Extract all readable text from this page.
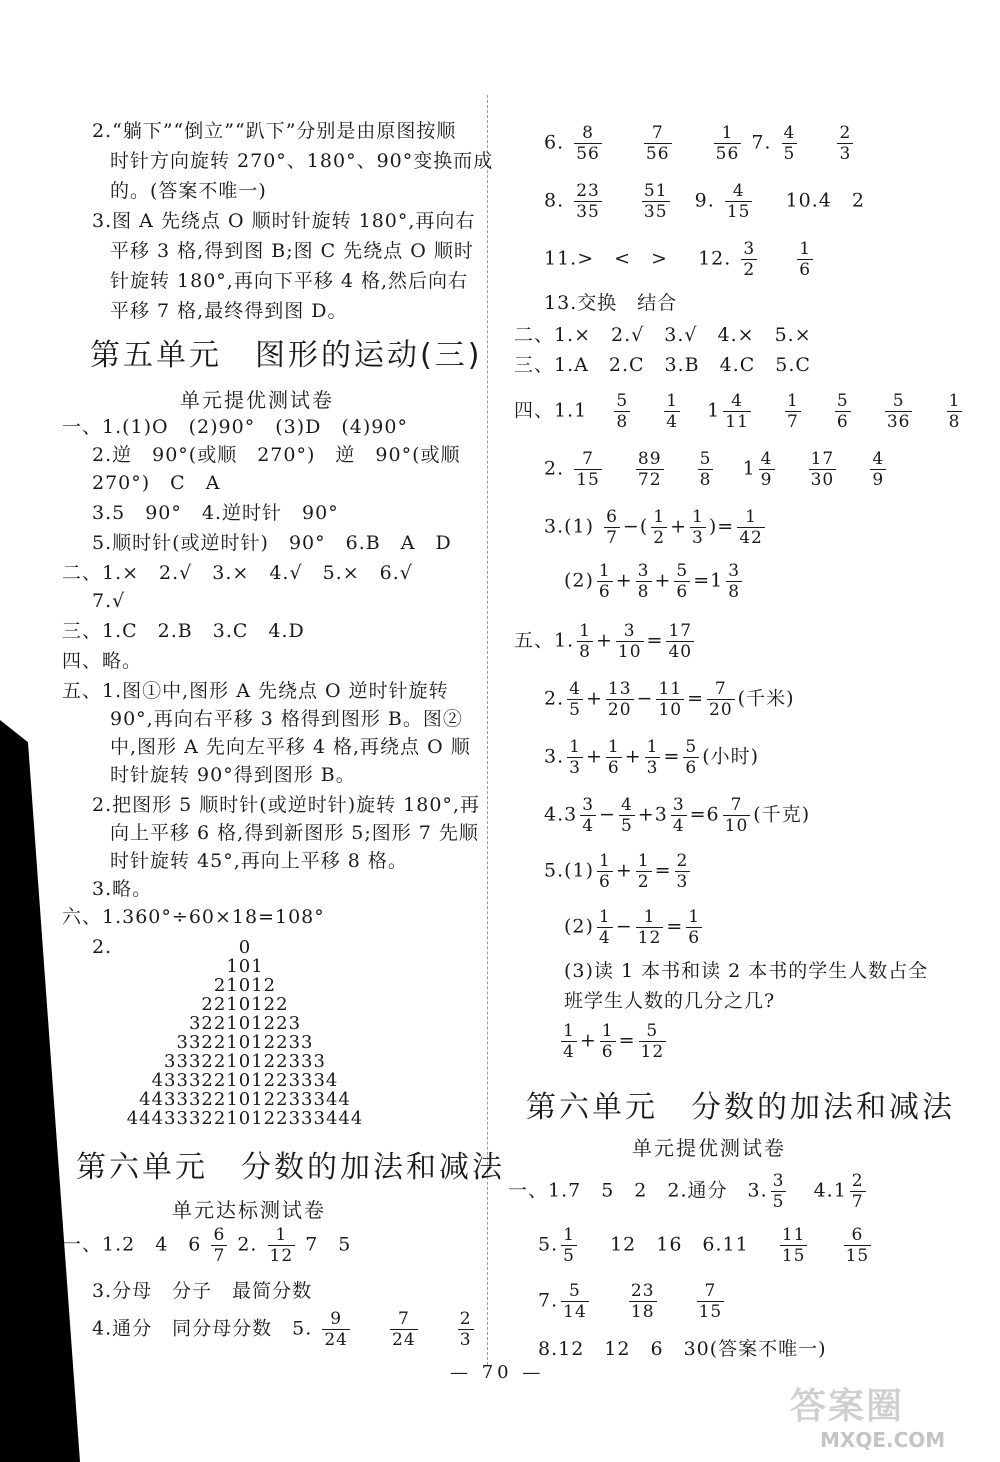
2.“躺下”“倒立”“趴下”分别是由原图按顺
时针方向旋转 270°、180°、90°变换而成
的。(答案不唯一)
3.图 A 先绕点 O 顺时针旋转 180°,再向右
平移 3 格,得到图 B;图 C 先绕点 O 顺时
针旋转 180°,再向下平移 4 格,然后向右
平移 7 格,最终得到图 D。
第五单元　图形的运动(三)
单元提优测试卷
一、1.(1)O　(2)90°　(3)D　(4)90°
2.逆　90°(或顺　270°)　逆　90°(或顺
270°)　C　A
3.5　90°　4.逆时针　90°
5.顺时针(或逆时针)　90°　6.B　A　D
二、1.×　2.√　3.×　4.√　5.×　6.√
7.√
三、1.C　2.B　3.C　4.D
四、略。
五、1.图①中,图形 A 先绕点 O 逆时针旋转
90°,再向右平移 3 格得到图形 B。图②
中,图形 A 先向左平移 4 格,再绕点 O 顺
时针旋转 90°得到图形 B。
2.把图形 5 顺时针(或逆时针)旋转 180°,再
向上平移 6 格,得到新图形 5;图形 7 先顺
时针旋转 45°,再向上平移 8 格。
3.略。
六、1.360°÷60×18=108°
2.	0
101
21012
2210122
322101223
33221012233
3332210122333
433322101223334
44333221012233344
4443332210122333444
第六单元　分数的加法和减法
单元达标测试卷
一、1.2　4　$6 \frac{6}{7} 2$. $\frac{1}{12} 7$　5
3.分母　分子　最简分数
4.通分　同分母分数　5. $\frac{9}{24}$
$\frac{7}{24}$
$\frac{2}{3}$
6. $\frac{8}{56}$
$\frac{7}{56}$
$\frac{1}{56} 7$. $\frac{4}{5}$
$\frac{2}{3}$
8. $\frac{23}{35}$
$\frac{51}{35} 9$. $\frac{4}{15} 10.4$　2
11.>　<　> 12. $\frac{3}{2}$
$\frac{1}{6}$
13.交换　结合
二、1.×　2.√　3.√　4.×　5.×
三、1.A　2.C　3.B　4.C　5.C
四、$1.1 \frac{5}{8}$
$\frac{1}{4} 1 \frac{4}{11}$
$\frac{1}{7}$
$\frac{5}{6}$
$\frac{5}{36}$
$\frac{1}{8}$
2. $\frac{7}{15}$
$\frac{89}{72}$
$\frac{5}{8} 1 \frac{4}{9}$
$\frac{17}{30}$
$\frac{4}{9}$
$3.(1) \frac{6}{7}$ −( $\frac{1}{2} + \frac{1}{3}$ )= $\frac{1}{42}$
$(2) \frac{1}{6} + \frac{3}{8} + \frac{5}{6} =1 \frac{3}{8}$
五、1. $\frac{1}{8} + \frac{3}{10} = \frac{17}{40}$
2. $\frac{4}{5} + \frac{13}{20} - \frac{11}{10} = \frac{7}{20}$ (千米)
3. $\frac{1}{3} + \frac{1}{6} + \frac{1}{3} = \frac{5}{6}$ (小时)
$4.3 \frac{3}{4} - \frac{4}{5} +3 \frac{3}{4} =6 \frac{7}{10}$ (千克)
$5.(1) \frac{1}{6} + \frac{1}{2} = \frac{2}{3}$
$(2) \frac{1}{4} - \frac{1}{12} = \frac{1}{6}$
(3)读 1 本书和读 2 本书的学生人数占全
班学生人数的几分之几?
$\frac{1}{4} + \frac{1}{6} = \frac{5}{12}$
第六单元　分数的加法和减法
单元提优测试卷
一、1.7　5　2　2.通分　3. $\frac{3}{5} 4.1 \frac{2}{7}$
5. $\frac{1}{5} 12$　16　$6.11 \frac{11}{15}$
$\frac{6}{15}$
7. $\frac{5}{14}$
$\frac{23}{18}$
$\frac{7}{15}$
8.12　12　6　30(答案不唯一)
— 70 —
答案圈
MXQE.COM
